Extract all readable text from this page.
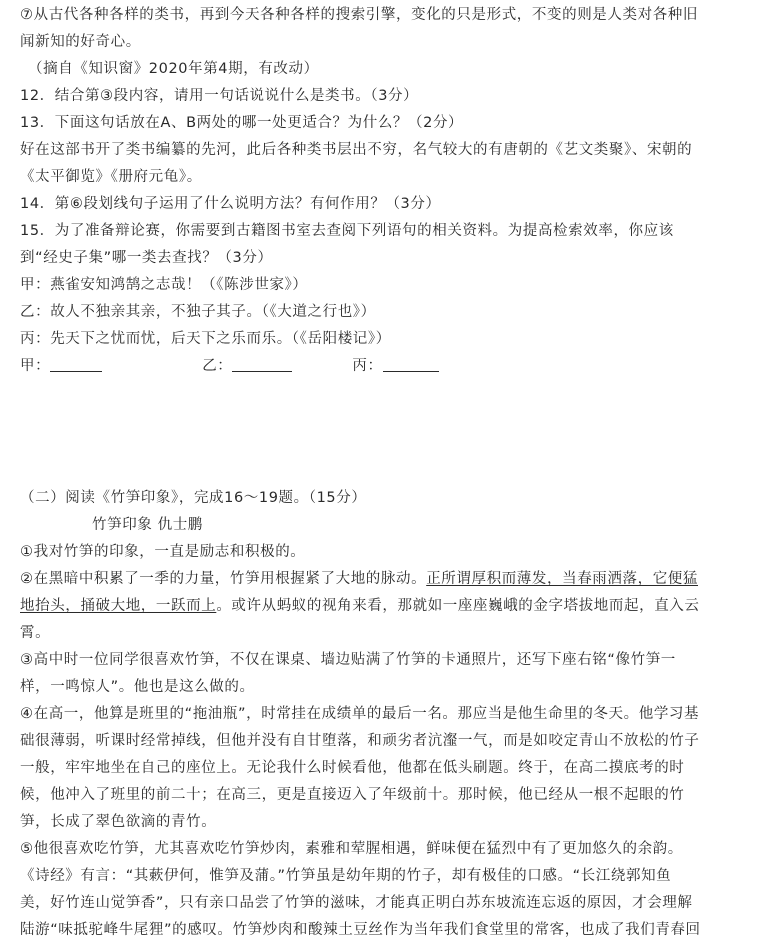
⑦从古代各种各样的类书，再到今天各种各样的搜索引擎，变化的只是形式，不变的则是人类对各种旧
闻新知的好奇心。
（摘自《知识窗》2020年第4期，有改动）
12．结合第③段内容，请用一句话说说什么是类书。（3分）
13．下面这句话放在A、B两处的哪一处更适合？为什么？（2分）
好在这部书开了类书编纂的先河，此后各种类书层出不穷，名气较大的有唐朝的《艺文类聚》、宋朝的
《太平御览》《册府元龟》。
14．第⑥段划线句子运用了什么说明方法？有何作用？（3分）
15．为了准备辩论赛，你需要到古籍图书室去查阅下列语句的相关资料。为提高检索效率，你应该
到“经史子集”哪一类去查找？（3分）
甲：燕雀安知鸿鹄之志哉！（《陈涉世家》）
乙：故人不独亲其亲，不独子其子。（《大道之行也》）
丙：先天下之忧而忧，后天下之乐而乐。（《岳阳楼记》）
甲：	乙：	丙：
（二）阅读《竹笋印象》，完成16～19题。（15分）
竹笋印象 仇士鹏
①我对竹笋的印象，一直是励志和积极的。
②在黑暗中积累了一季的力量，竹笋用根握紧了大地的脉动。正所谓厚积而薄发，当春雨洒落，它便猛
地抬头，捅破大地，一跃而上。或许从蚂蚁的视角来看，那就如一座座巍峨的金字塔拔地而起，直入云
霄。
③高中时一位同学很喜欢竹笋，不仅在课桌、墙边贴满了竹笋的卡通照片，还写下座右铭“像竹笋一
样，一鸣惊人”。他也是这么做的。
④在高一，他算是班里的“拖油瓶”，时常挂在成绩单的最后一名。那应当是他生命里的冬天。他学习基
础很薄弱，听课时经常掉线，但他并没有自甘堕落，和顽劣者沆瀣一气，而是如咬定青山不放松的竹子
一般，牢牢地坐在自己的座位上。无论我什么时候看他，他都在低头刷题。终于，在高二摸底考的时
候，他冲入了班里的前二十；在高三，更是直接迈入了年级前十。那时候，他已经从一根不起眼的竹
笋，长成了翠色欲滴的青竹。
⑤他很喜欢吃竹笋，尤其喜欢吃竹笋炒肉，素雅和荤腥相遇，鲜味便在猛烈中有了更加悠久的余韵。
《诗经》有言：“其蔌伊何，惟笋及蒲。”竹笋虽是幼年期的竹子，却有极佳的口感。“长江绕郭知鱼
美，好竹连山觉笋香”，只有亲口品尝了竹笋的滋味，才能真正明白苏东坡流连忘返的原因，才会理解
陆游“味抵驼峰牛尾狸”的感叹。竹笋炒肉和酸辣土豆丝作为当年我们食堂里的常客，也成了我们青春回
